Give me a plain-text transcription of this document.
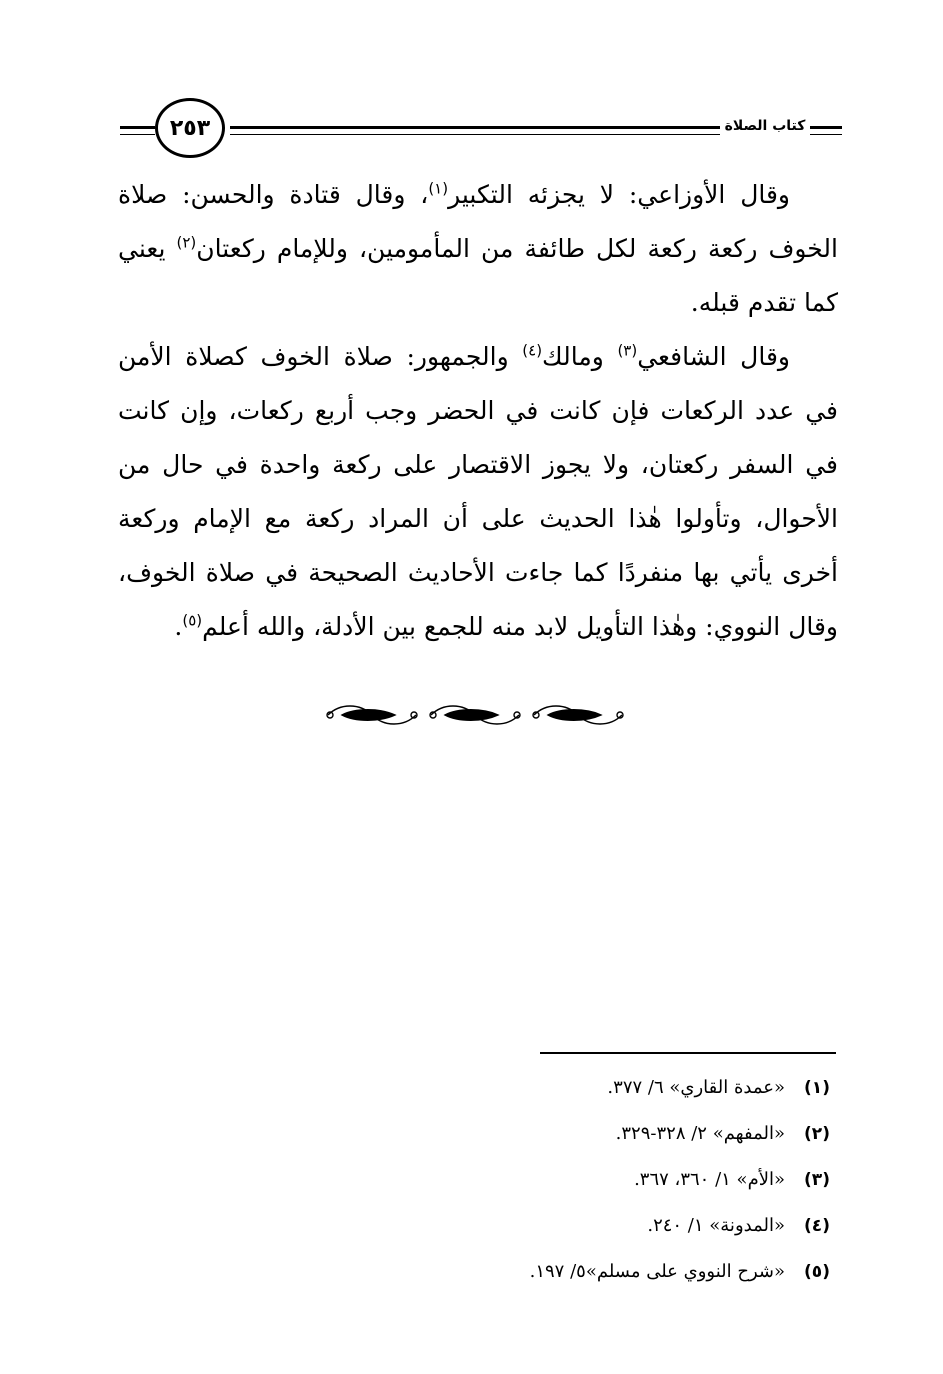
٢٥٣	كتاب الصلاة

وقال الأوزاعي: لا يجزئه التكبير$^{(١)}$، وقال قتادة والحسن: صلاة الخوف ركعة ركعة لكل طائفة من المأمومين، وللإمام ركعتان$^{(٢)}$ يعني كما تقدم قبله.

وقال الشافعي$^{(٣)}$ ومالك$^{(٤)}$ والجمهور: صلاة الخوف كصلاة الأمن في عدد الركعات فإن كانت في الحضر وجب أربع ركعات، وإن كانت في السفر ركعتان، ولا يجوز الاقتصار على ركعة واحدة في حال من الأحوال، وتأولوا هٰذا الحديث على أن المراد ركعة مع الإمام وركعة أخرى يأتي بها منفردًا كما جاءت الأحاديث الصحيحة في صلاة الخوف، وقال النووي: وهٰذا التأويل لابد منه للجمع بين الأدلة، والله أعلم$^{(٥)}$.

(١)
«عمدة القاري» ٦/ ٣٧٧.
(٢)
«المفهم» ٢/ ٣٢٨-٣٢٩.
(٣)
«الأم» ١/ ٣٦٠، ٣٦٧.
(٤)
«المدونة» ١/ ٢٤٠.
(٥)
«شرح النووي على مسلم»٥/ ١٩٧.
